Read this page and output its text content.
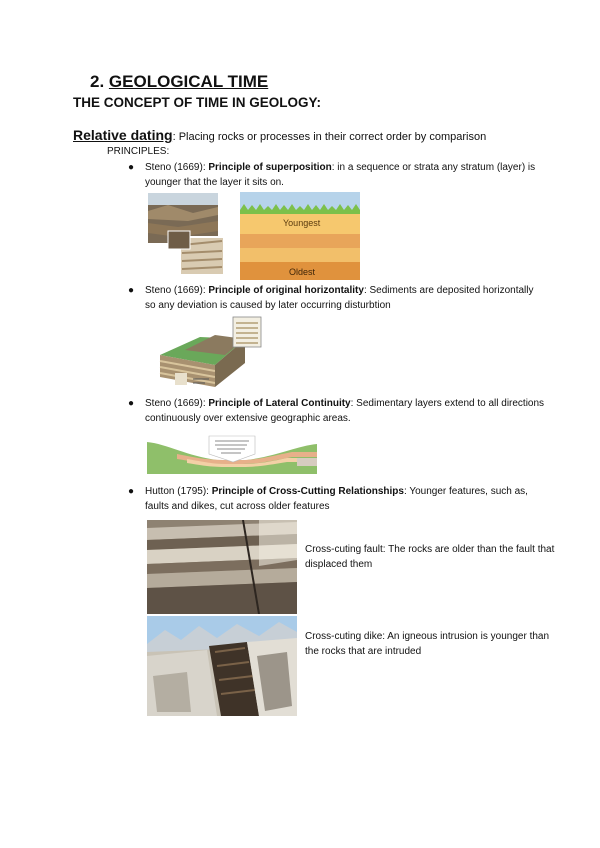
2. GEOLOGICAL TIME
THE CONCEPT OF TIME IN GEOLOGY:
Relative dating: Placing rocks or processes in their correct order by comparison
PRINCIPLES:
● Steno (1669): Principle of superposition: in a sequence or strata any stratum (layer) is younger that the layer it sits on.
Youngest
Oldest
● Steno (1669): Principle of original horizontality: Sediments are deposited horizontally so any deviation is caused by later occurring disturbtion
● Steno (1669): Principle of Lateral Continuity: Sedimentary layers extend to all directions continuously over extensive geographic areas.
● Hutton (1795): Principle of Cross-Cutting Relationships: Younger features, such as, faults and dikes, cut across older features
Cross-cuting fault: The rocks are older than the fault that displaced them
Cross-cuting dike: An igneous intrusion is younger than the rocks that are intruded
